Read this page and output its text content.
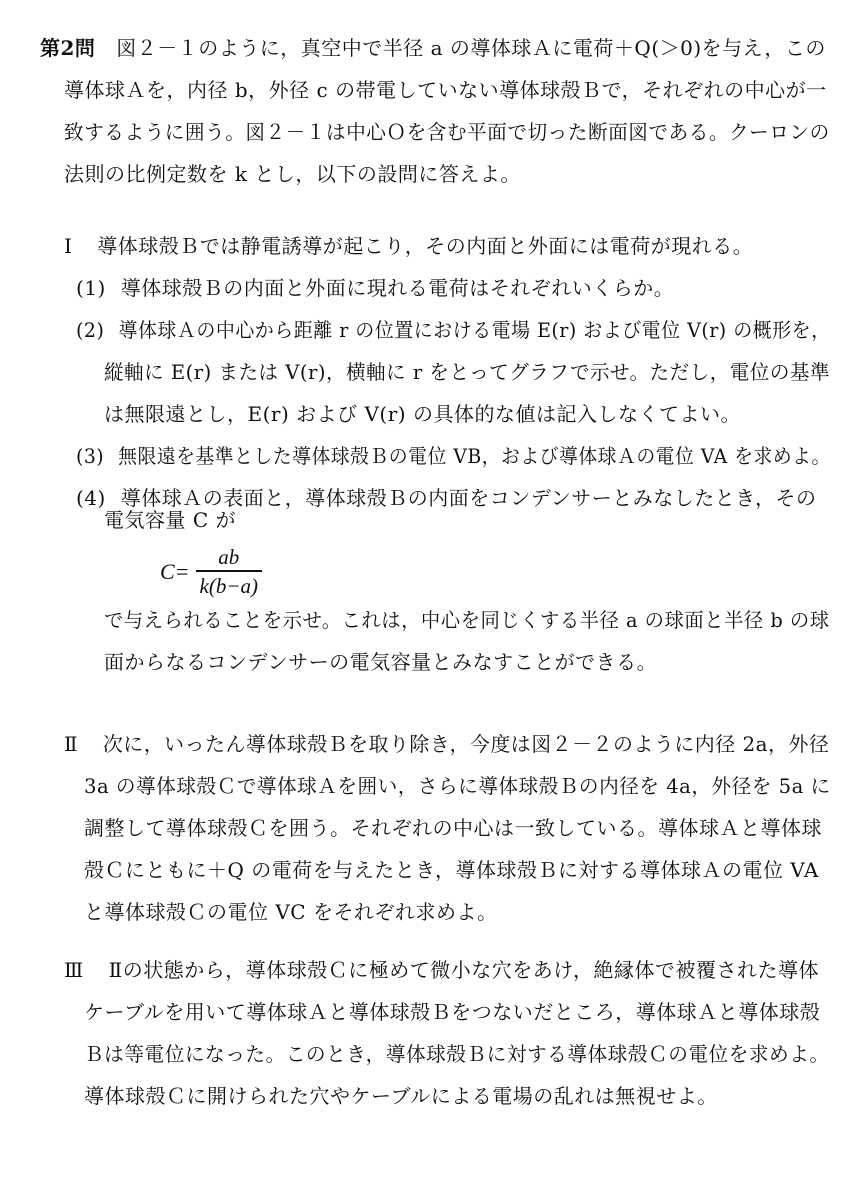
第2問 図２－１のように，真空中で半径 a の導体球Ａに電荷＋Q(＞0)を与え，この
導体球Ａを，内径 b，外径 c の帯電していない導体球殻Ｂで，それぞれの中心が一
致するように囲う。図２－１は中心Ｏを含む平面で切った断面図である。クーロンの
法則の比例定数を k とし，以下の設問に答えよ。
Ⅰ 導体球殻Ｂでは静電誘導が起こり，その内面と外面には電荷が現れる。
(1) 導体球殻Ｂの内面と外面に現れる電荷はそれぞれいくらか。
(2) 導体球Ａの中心から距離 r の位置における電場 E(r) および電位 V(r) の概形を，
縦軸に E(r) または V(r)，横軸に r をとってグラフで示せ。ただし，電位の基準
は無限遠とし，E(r) および V(r) の具体的な値は記入しなくてよい。
(3) 無限遠を基準とした導体球殻Ｂの電位 VB，および導体球Ａの電位 VA を求めよ。
(4) 導体球Ａの表面と，導体球殻Ｂの内面をコンデンサーとみなしたとき，その
電気容量 C が
$C= \frac{ab}{k(b-a)}$
で与えられることを示せ。これは，中心を同じくする半径 a の球面と半径 b の球
面からなるコンデンサーの電気容量とみなすことができる。
Ⅱ 次に，いったん導体球殻Ｂを取り除き，今度は図２－２のように内径 2a，外径
3a の導体球殻Ｃで導体球Ａを囲い，さらに導体球殻Ｂの内径を 4a，外径を 5a に
調整して導体球殻Ｃを囲う。それぞれの中心は一致している。導体球Ａと導体球
殻Ｃにともに＋Q の電荷を与えたとき，導体球殻Ｂに対する導体球Ａの電位 VA
と導体球殻Ｃの電位 VC をそれぞれ求めよ。
Ⅲ Ⅱの状態から，導体球殻Ｃに極めて微小な穴をあけ，絶縁体で被覆された導体
ケーブルを用いて導体球Ａと導体球殻Ｂをつないだところ，導体球Ａと導体球殻
Ｂは等電位になった。このとき，導体球殻Ｂに対する導体球殻Ｃの電位を求めよ。
導体球殻Ｃに開けられた穴やケーブルによる電場の乱れは無視せよ。
